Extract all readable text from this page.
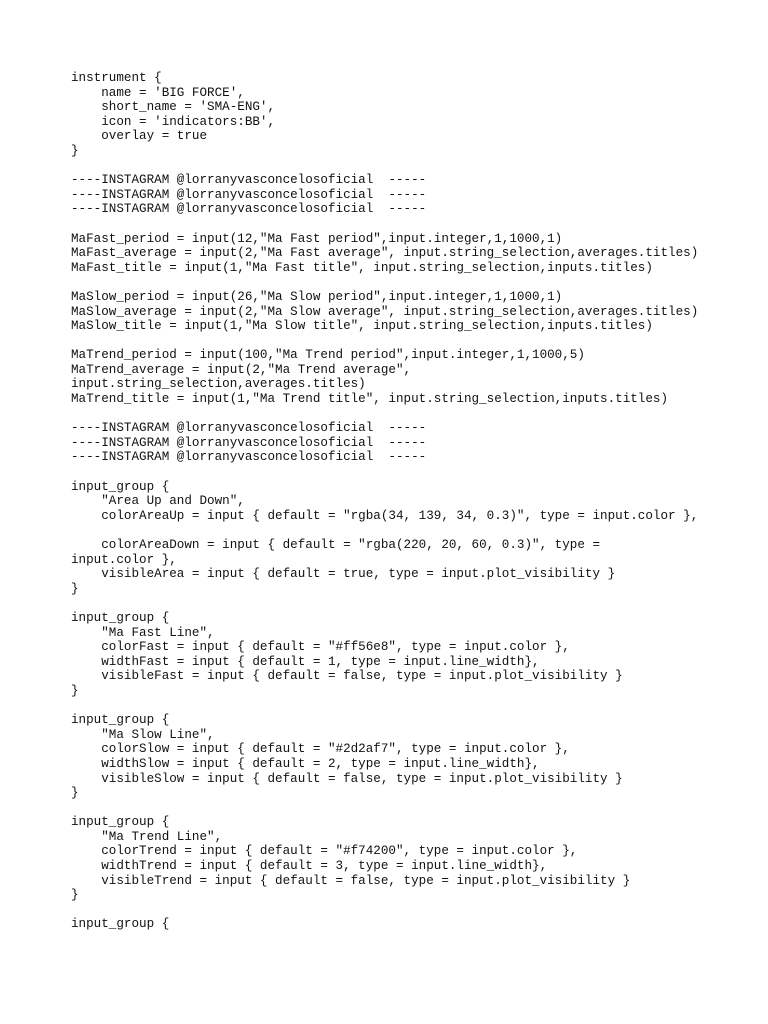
instrument {
name = 'BIG FORCE',
short_name = 'SMA-ENG',
icon = 'indicators:BB',
overlay = true
}
----INSTAGRAM @lorranyvasconcelosoficial  -----
----INSTAGRAM @lorranyvasconcelosoficial  -----
----INSTAGRAM @lorranyvasconcelosoficial  -----
MaFast_period = input(12,"Ma Fast period",input.integer,1,1000,1)
MaFast_average = input(2,"Ma Fast average", input.string_selection,averages.titles)
MaFast_title = input(1,"Ma Fast title", input.string_selection,inputs.titles)
MaSlow_period = input(26,"Ma Slow period",input.integer,1,1000,1)
MaSlow_average = input(2,"Ma Slow average", input.string_selection,averages.titles)
MaSlow_title = input(1,"Ma Slow title", input.string_selection,inputs.titles)
MaTrend_period = input(100,"Ma Trend period",input.integer,1,1000,5)
MaTrend_average = input(2,"Ma Trend average",
input.string_selection,averages.titles)
MaTrend_title = input(1,"Ma Trend title", input.string_selection,inputs.titles)
----INSTAGRAM @lorranyvasconcelosoficial  -----
----INSTAGRAM @lorranyvasconcelosoficial  -----
----INSTAGRAM @lorranyvasconcelosoficial  -----
input_group {
"Area Up and Down",
colorAreaUp = input { default = "rgba(34, 139, 34, 0.3)", type = input.color },
colorAreaDown = input { default = "rgba(220, 20, 60, 0.3)", type =
input.color },
visibleArea = input { default = true, type = input.plot_visibility }
}
input_group {
"Ma Fast Line",
colorFast = input { default = "#ff56e8", type = input.color },
widthFast = input { default = 1, type = input.line_width},
visibleFast = input { default = false, type = input.plot_visibility }
}
input_group {
"Ma Slow Line",
colorSlow = input { default = "#2d2af7", type = input.color },
widthSlow = input { default = 2, type = input.line_width},
visibleSlow = input { default = false, type = input.plot_visibility }
}
input_group {
"Ma Trend Line",
colorTrend = input { default = "#f74200", type = input.color },
widthTrend = input { default = 3, type = input.line_width},
visibleTrend = input { default = false, type = input.plot_visibility }
}
input_group {
